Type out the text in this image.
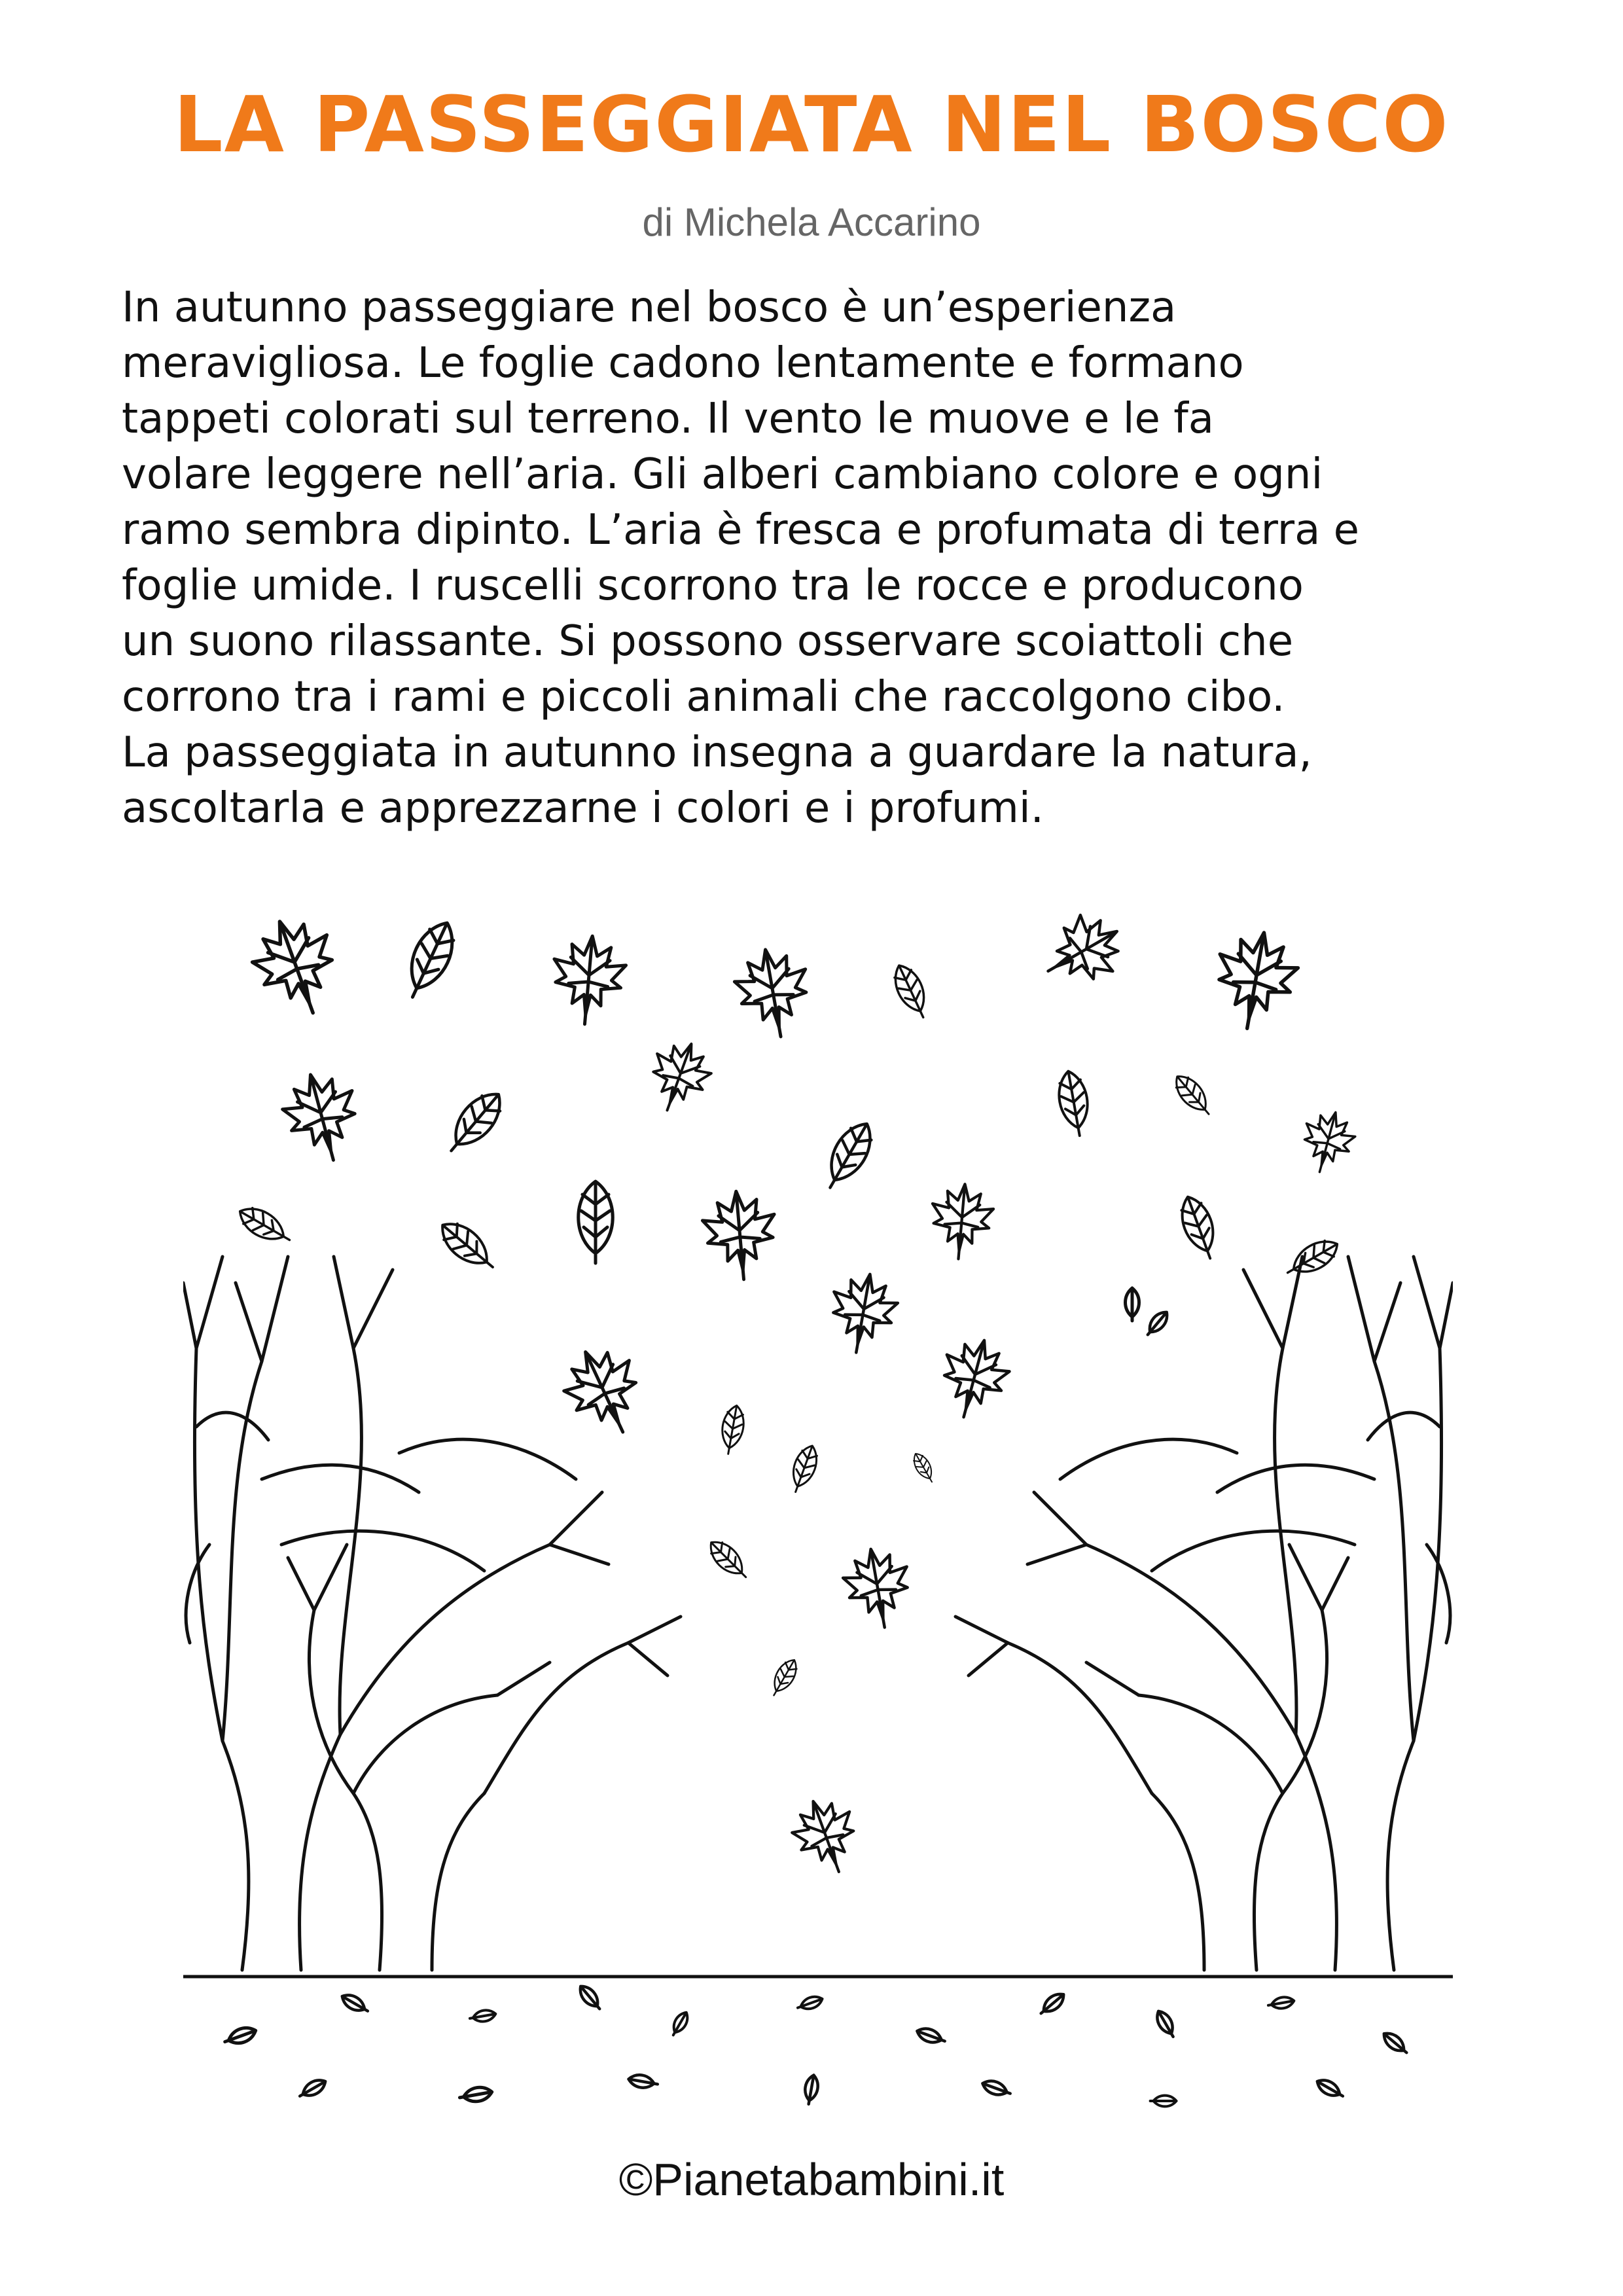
LA PASSEGGIATA NEL BOSCO
di Michela Accarino
In autunno passeggiare nel bosco è un’esperienza
meravigliosa. Le foglie cadono lentamente e formano
tappeti colorati sul terreno. Il vento le muove e le fa
volare leggere nell’aria. Gli alberi cambiano colore e ogni
ramo sembra dipinto. L’aria è fresca e profumata di terra e
foglie umide. I ruscelli scorrono tra le rocce e producono
un suono rilassante. Si possono osservare scoiattoli che
corrono tra i rami e piccoli animali che raccolgono cibo.
La passeggiata in autunno insegna a guardare la natura,
ascoltarla e apprezzarne i colori e i profumi.
©Pianetabambini.it
